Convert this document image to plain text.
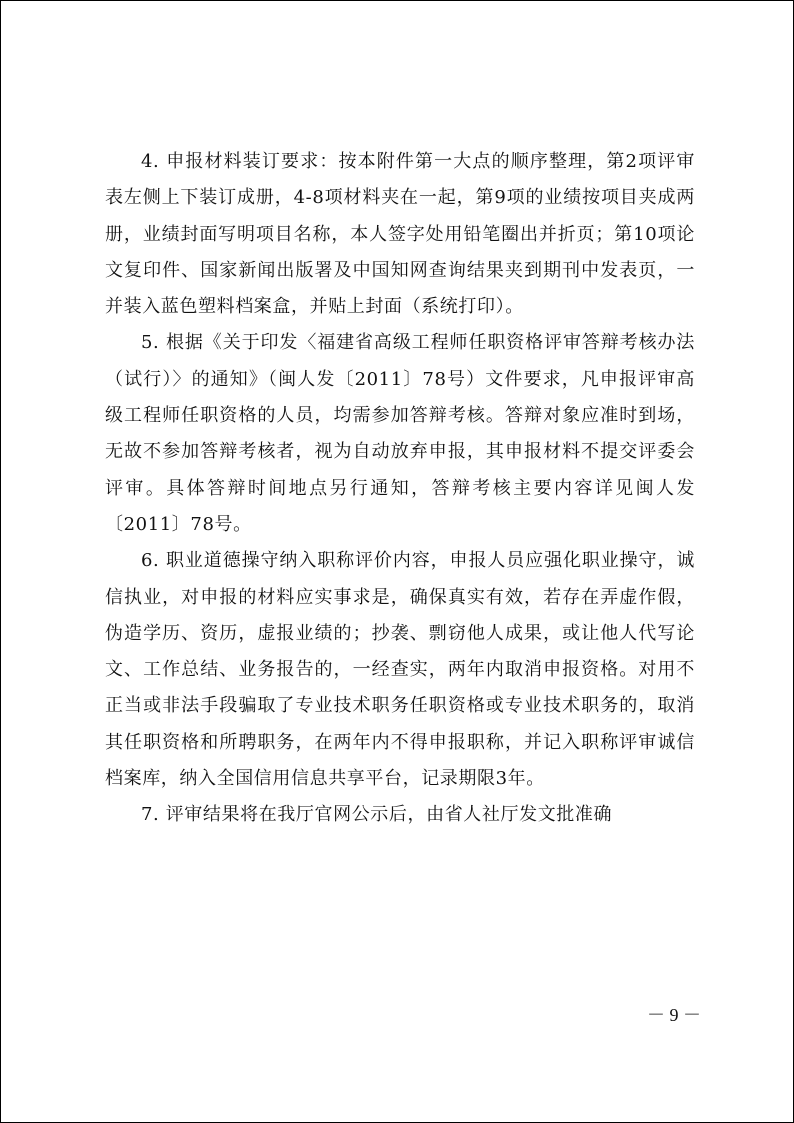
4. 申报材料装订要求：按本附件第一大点的顺序整理，第2项评审表左侧上下装订成册，4-8项材料夹在一起，第9项的业绩按项目夹成两册，业绩封面写明项目名称，本人签字处用铅笔圈出并折页；第10项论文复印件、国家新闻出版署及中国知网查询结果夹到期刊中发表页，一并装入蓝色塑料档案盒，并贴上封面（系统打印）。

5. 根据《关于印发〈福建省高级工程师任职资格评审答辩考核办法（试行）〉的通知》（闽人发〔2011〕78号）文件要求，凡申报评审高级工程师任职资格的人员，均需参加答辩考核。答辩对象应准时到场，无故不参加答辩考核者，视为自动放弃申报，其申报材料不提交评委会评审。具体答辩时间地点另行通知，答辩考核主要内容详见闽人发〔2011〕78号。

6. 职业道德操守纳入职称评价内容，申报人员应强化职业操守，诚信执业，对申报的材料应实事求是，确保真实有效，若存在弄虚作假，伪造学历、资历，虚报业绩的；抄袭、剽窃他人成果，或让他人代写论文、工作总结、业务报告的，一经查实，两年内取消申报资格。对用不正当或非法手段骗取了专业技术职务任职资格或专业技术职务的，取消其任职资格和所聘职务，在两年内不得申报职称，并记入职称评审诚信档案库，纳入全国信用信息共享平台，记录期限3年。

7. 评审结果将在我厅官网公示后，由省人社厅发文批准确

－ 9 －
